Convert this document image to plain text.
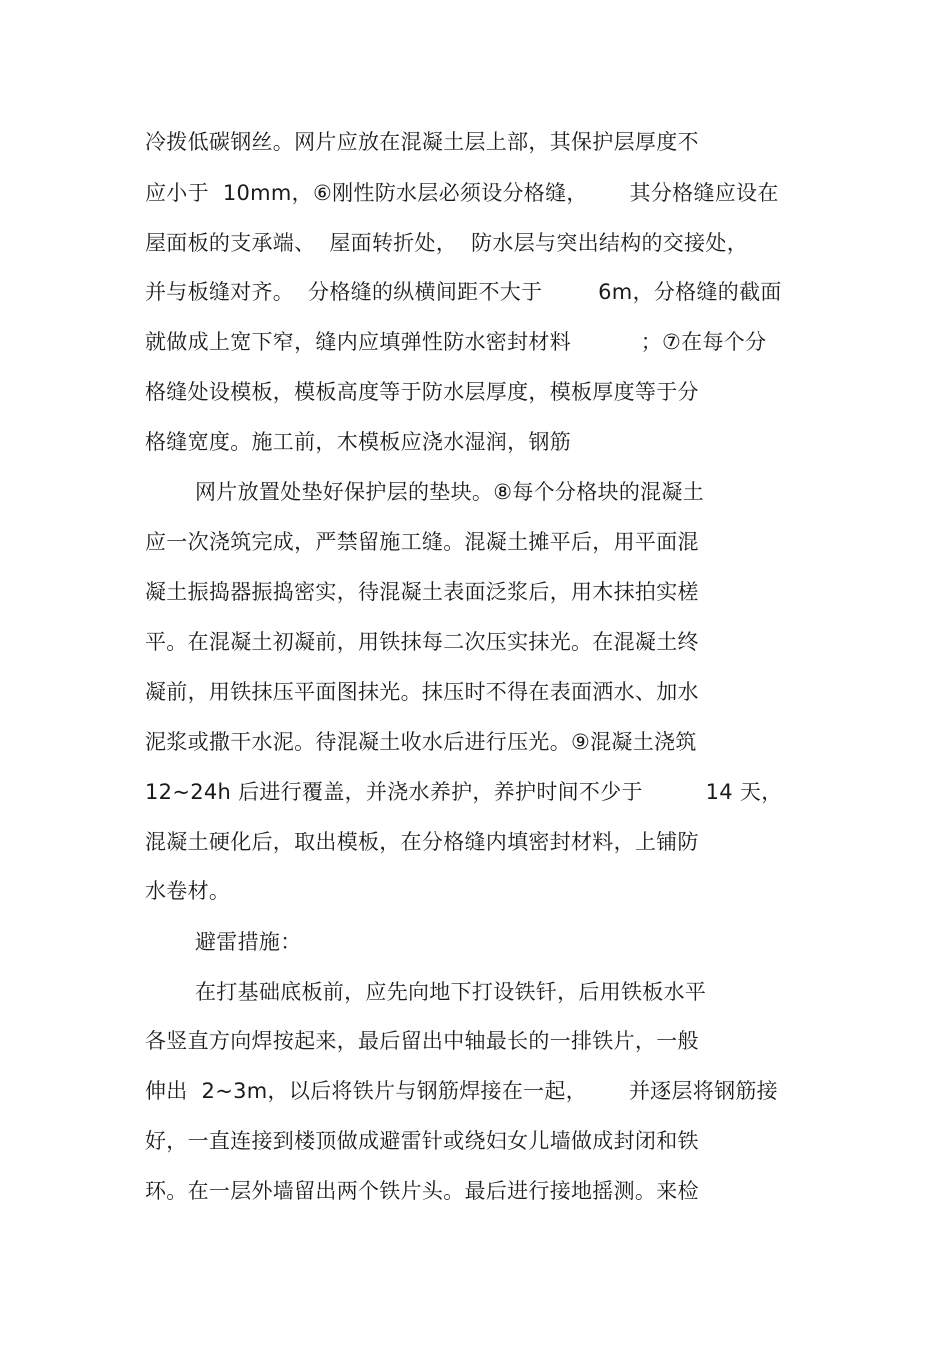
冷拨低碳钢丝。网片应放在混凝土层上部，其保护层厚度不
应小于  10mm，⑥刚性防水层必须设分格缝，      其分格缝应设在
屋面板的支承端、  屋面转折处，  防水层与突出结构的交接处，
并与板缝对齐。  分格缝的纵横间距不大于        6m，分格缝的截面
就做成上宽下窄，缝内应填弹性防水密封材料          ；⑦在每个分
格缝处设模板，模板高度等于防水层厚度，模板厚度等于分
格缝宽度。施工前，木模板应浇水湿润，钢筋
网片放置处垫好保护层的垫块。⑧每个分格块的混凝土
应一次浇筑完成，严禁留施工缝。混凝土摊平后，用平面混
凝土振捣器振捣密实，待混凝土表面泛浆后，用木抹拍实槎
平。在混凝土初凝前，用铁抹每二次压实抹光。在混凝土终
凝前，用铁抹压平面图抹光。抹压时不得在表面洒水、加水
泥浆或撒干水泥。待混凝土收水后进行压光。⑨混凝土浇筑
12~24h 后进行覆盖，并浇水养护，养护时间不少于         14 天，
混凝土硬化后，取出模板，在分格缝内填密封材料，上铺防
水卷材。
避雷措施：
在打基础底板前，应先向地下打设铁钎，后用铁板水平
各竖直方向焊按起来，最后留出中轴最长的一排铁片，一般
伸出  2~3m，以后将铁片与钢筋焊接在一起，      并逐层将钢筋接
好，一直连接到楼顶做成避雷针或绕妇女儿墙做成封闭和铁
环。在一层外墙留出两个铁片头。最后进行接地摇测。来检
